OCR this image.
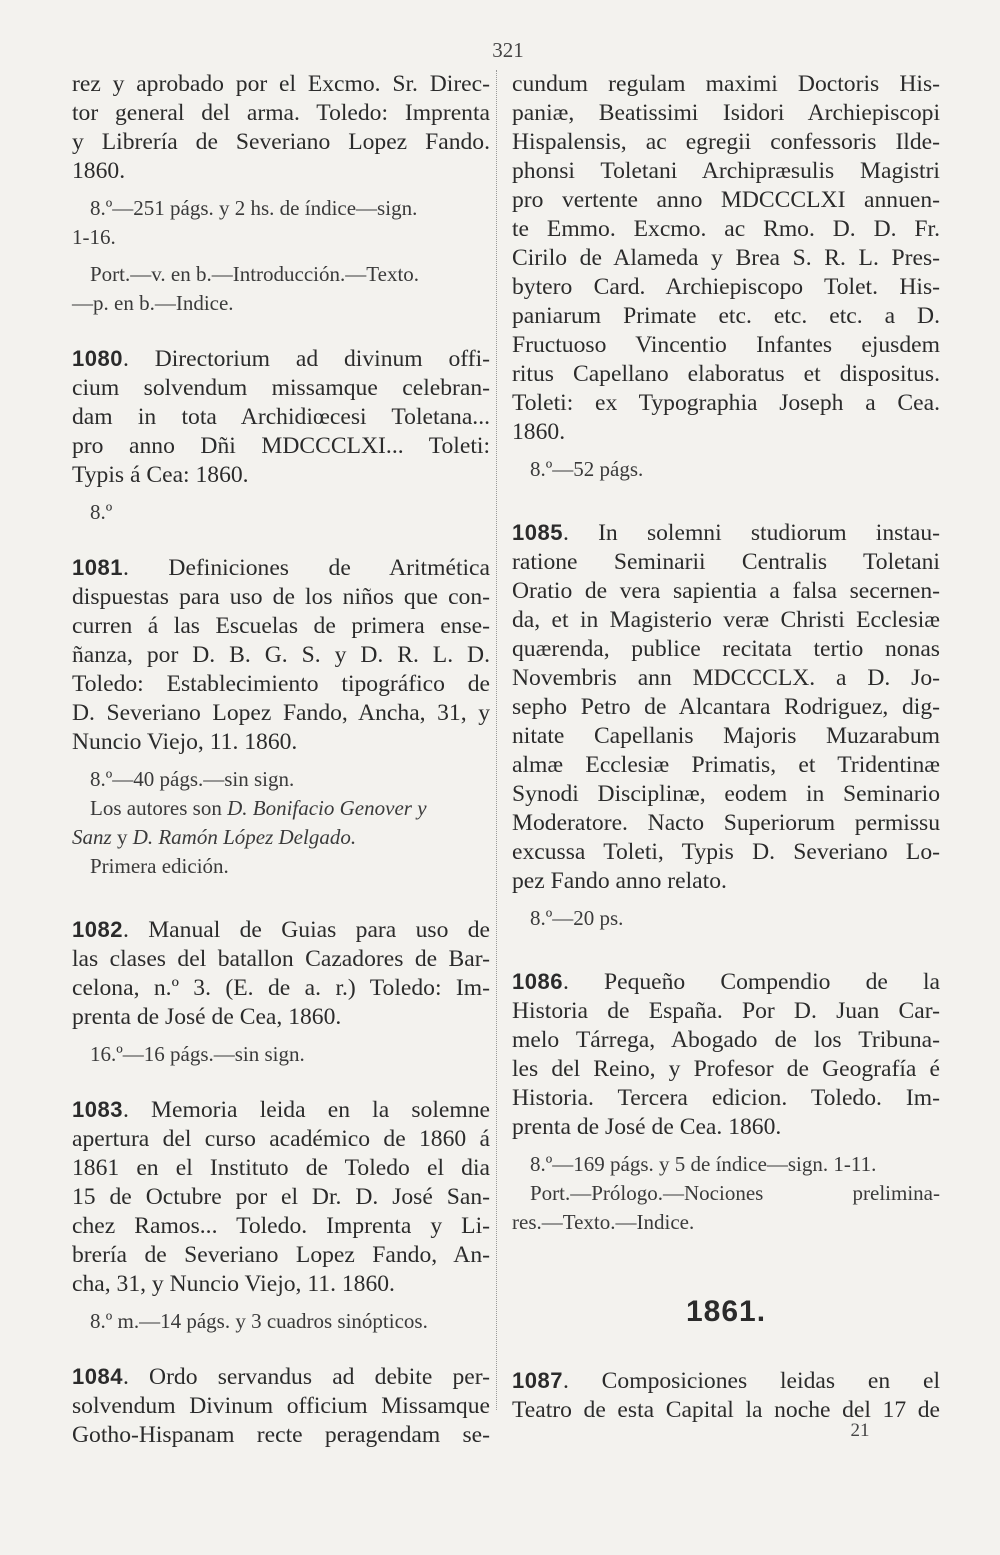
321

rez y aprobado por el Excmo. Sr. Direc-

tor general del arma. Toledo: Imprenta

y Librería de Severiano Lopez Fando.

1860.

8.º—251 págs. y 2 hs. de índice—sign.

1-16.

Port.—v. en b.—Introducción.—Texto.

—p. en b.—Indice.

1080. Directorium ad divinum offi-

cium solvendum missamque celebran-

dam in tota Archidiœcesi Toletana...

pro anno Dñi MDCCCLXI... Toleti:

Typis á Cea: 1860.

8.º

1081. Definiciones de Aritmética

dispuestas para uso de los niños que con-

curren á las Escuelas de primera ense-

ñanza, por D. B. G. S. y D. R. L. D.

Toledo: Establecimiento tipográfico de

D. Severiano Lopez Fando, Ancha, 31, y

Nuncio Viejo, 11. 1860.

8.º—40 págs.—sin sign.

Los autores son D. Bonifacio Genover y

Sanz y D. Ramón López Delgado.

Primera edición.

1082. Manual de Guias para uso de

las clases del batallon Cazadores de Bar-

celona, n.º 3. (E. de a. r.) Toledo: Im-

prenta de José de Cea, 1860.

16.º—16 págs.—sin sign.

1083. Memoria leida en la solemne

apertura del curso académico de 1860 á

1861 en el Instituto de Toledo el dia

15 de Octubre por el Dr. D. José San-

chez Ramos... Toledo. Imprenta y Li-

brería de Severiano Lopez Fando, An-

cha, 31, y Nuncio Viejo, 11. 1860.

8.º m.—14 págs. y 3 cuadros sinópticos.

1084. Ordo servandus ad debite per-

solvendum Divinum officium Missamque

Gotho-Hispanam recte peragendam se-

cundum regulam maximi Doctoris His-

paniæ, Beatissimi Isidori Archiepiscopi

Hispalensis, ac egregii confessoris Ilde-

phonsi Toletani Archipræsulis Magistri

pro vertente anno MDCCCLXI annuen-

te Emmo. Excmo. ac Rmo. D. D. Fr.

Cirilo de Alameda y Brea S. R. L. Pres-

bytero Card. Archiepiscopo Tolet. His-

paniarum Primate etc. etc. etc. a D.

Fructuoso Vincentio Infantes ejusdem

ritus Capellano elaboratus et dispositus.

Toleti: ex Typographia Joseph a Cea.

1860.

8.º—52 págs.

1085. In solemni studiorum instau-

ratione Seminarii Centralis Toletani

Oratio de vera sapientia a falsa secernen-

da, et in Magisterio veræ Christi Ecclesiæ

quærenda, publice recitata tertio nonas

Novembris ann MDCCCLX. a D. Jo-

sepho Petro de Alcantara Rodriguez, dig-

nitate Capellanis Majoris Muzarabum

almæ Ecclesiæ Primatis, et Tridentinæ

Synodi Disciplinæ, eodem in Seminario

Moderatore. Nacto Superiorum permissu

excussa Toleti, Typis D. Severiano Lo-

pez Fando anno relato.

8.º—20 ps.

1086. Pequeño Compendio de la

Historia de España. Por D. Juan Car-

melo Tárrega, Abogado de los Tribuna-

les del Reino, y Profesor de Geografía é

Historia. Tercera edicion. Toledo. Im-

prenta de José de Cea. 1860.

8.º—169 págs. y 5 de índice—sign. 1-11.

Port.—Prólogo.—Nociones prelimina-

res.—Texto.—Indice.

1861.

1087. Composiciones leidas en el

Teatro de esta Capital la noche del 17 de

21
